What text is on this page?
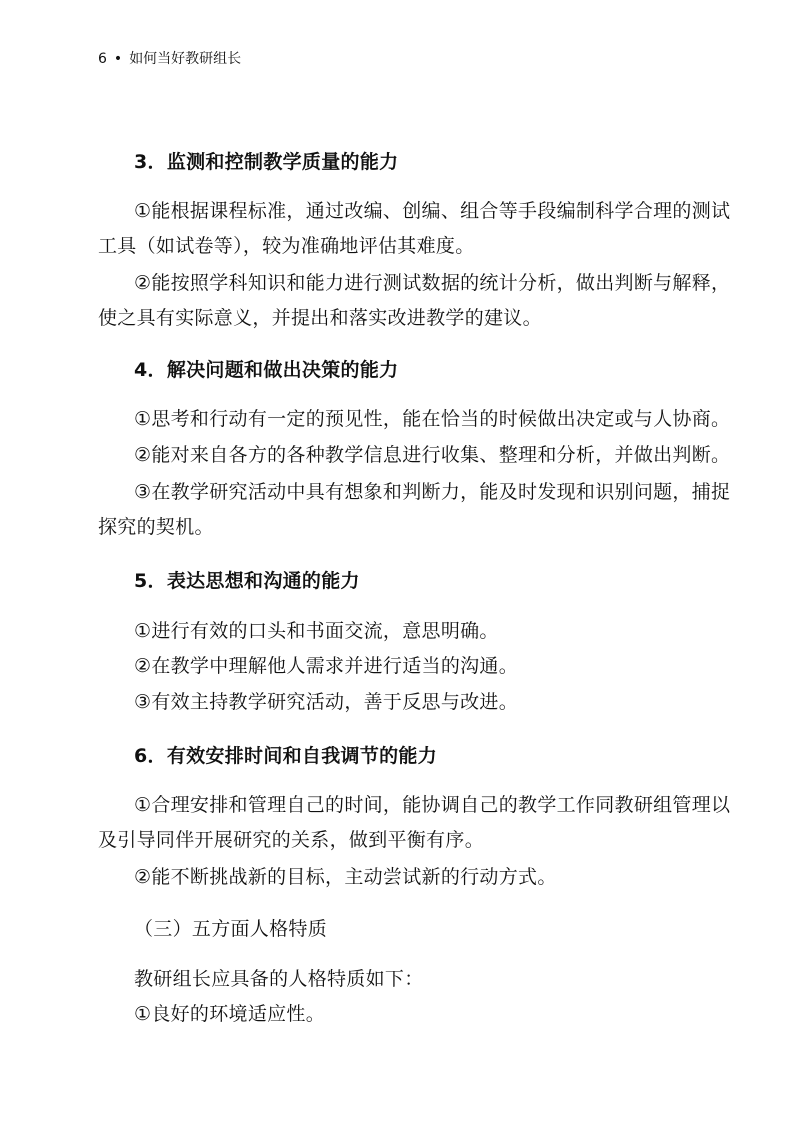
6 • 如何当好教研组长
3．监测和控制教学质量的能力
①能根据课程标准，通过改编、创编、组合等手段编制科学合理的测试
工具（如试卷等），较为准确地评估其难度。
②能按照学科知识和能力进行测试数据的统计分析，做出判断与解释，
使之具有实际意义，并提出和落实改进教学的建议。
4．解决问题和做出决策的能力
①思考和行动有一定的预见性，能在恰当的时候做出决定或与人协商。
②能对来自各方的各种教学信息进行收集、整理和分析，并做出判断。
③在教学研究活动中具有想象和判断力，能及时发现和识别问题，捕捉
探究的契机。
5．表达思想和沟通的能力
①进行有效的口头和书面交流，意思明确。
②在教学中理解他人需求并进行适当的沟通。
③有效主持教学研究活动，善于反思与改进。
6．有效安排时间和自我调节的能力
①合理安排和管理自己的时间，能协调自己的教学工作同教研组管理以
及引导同伴开展研究的关系，做到平衡有序。
②能不断挑战新的目标，主动尝试新的行动方式。
（三）五方面人格特质
教研组长应具备的人格特质如下：
①良好的环境适应性。
